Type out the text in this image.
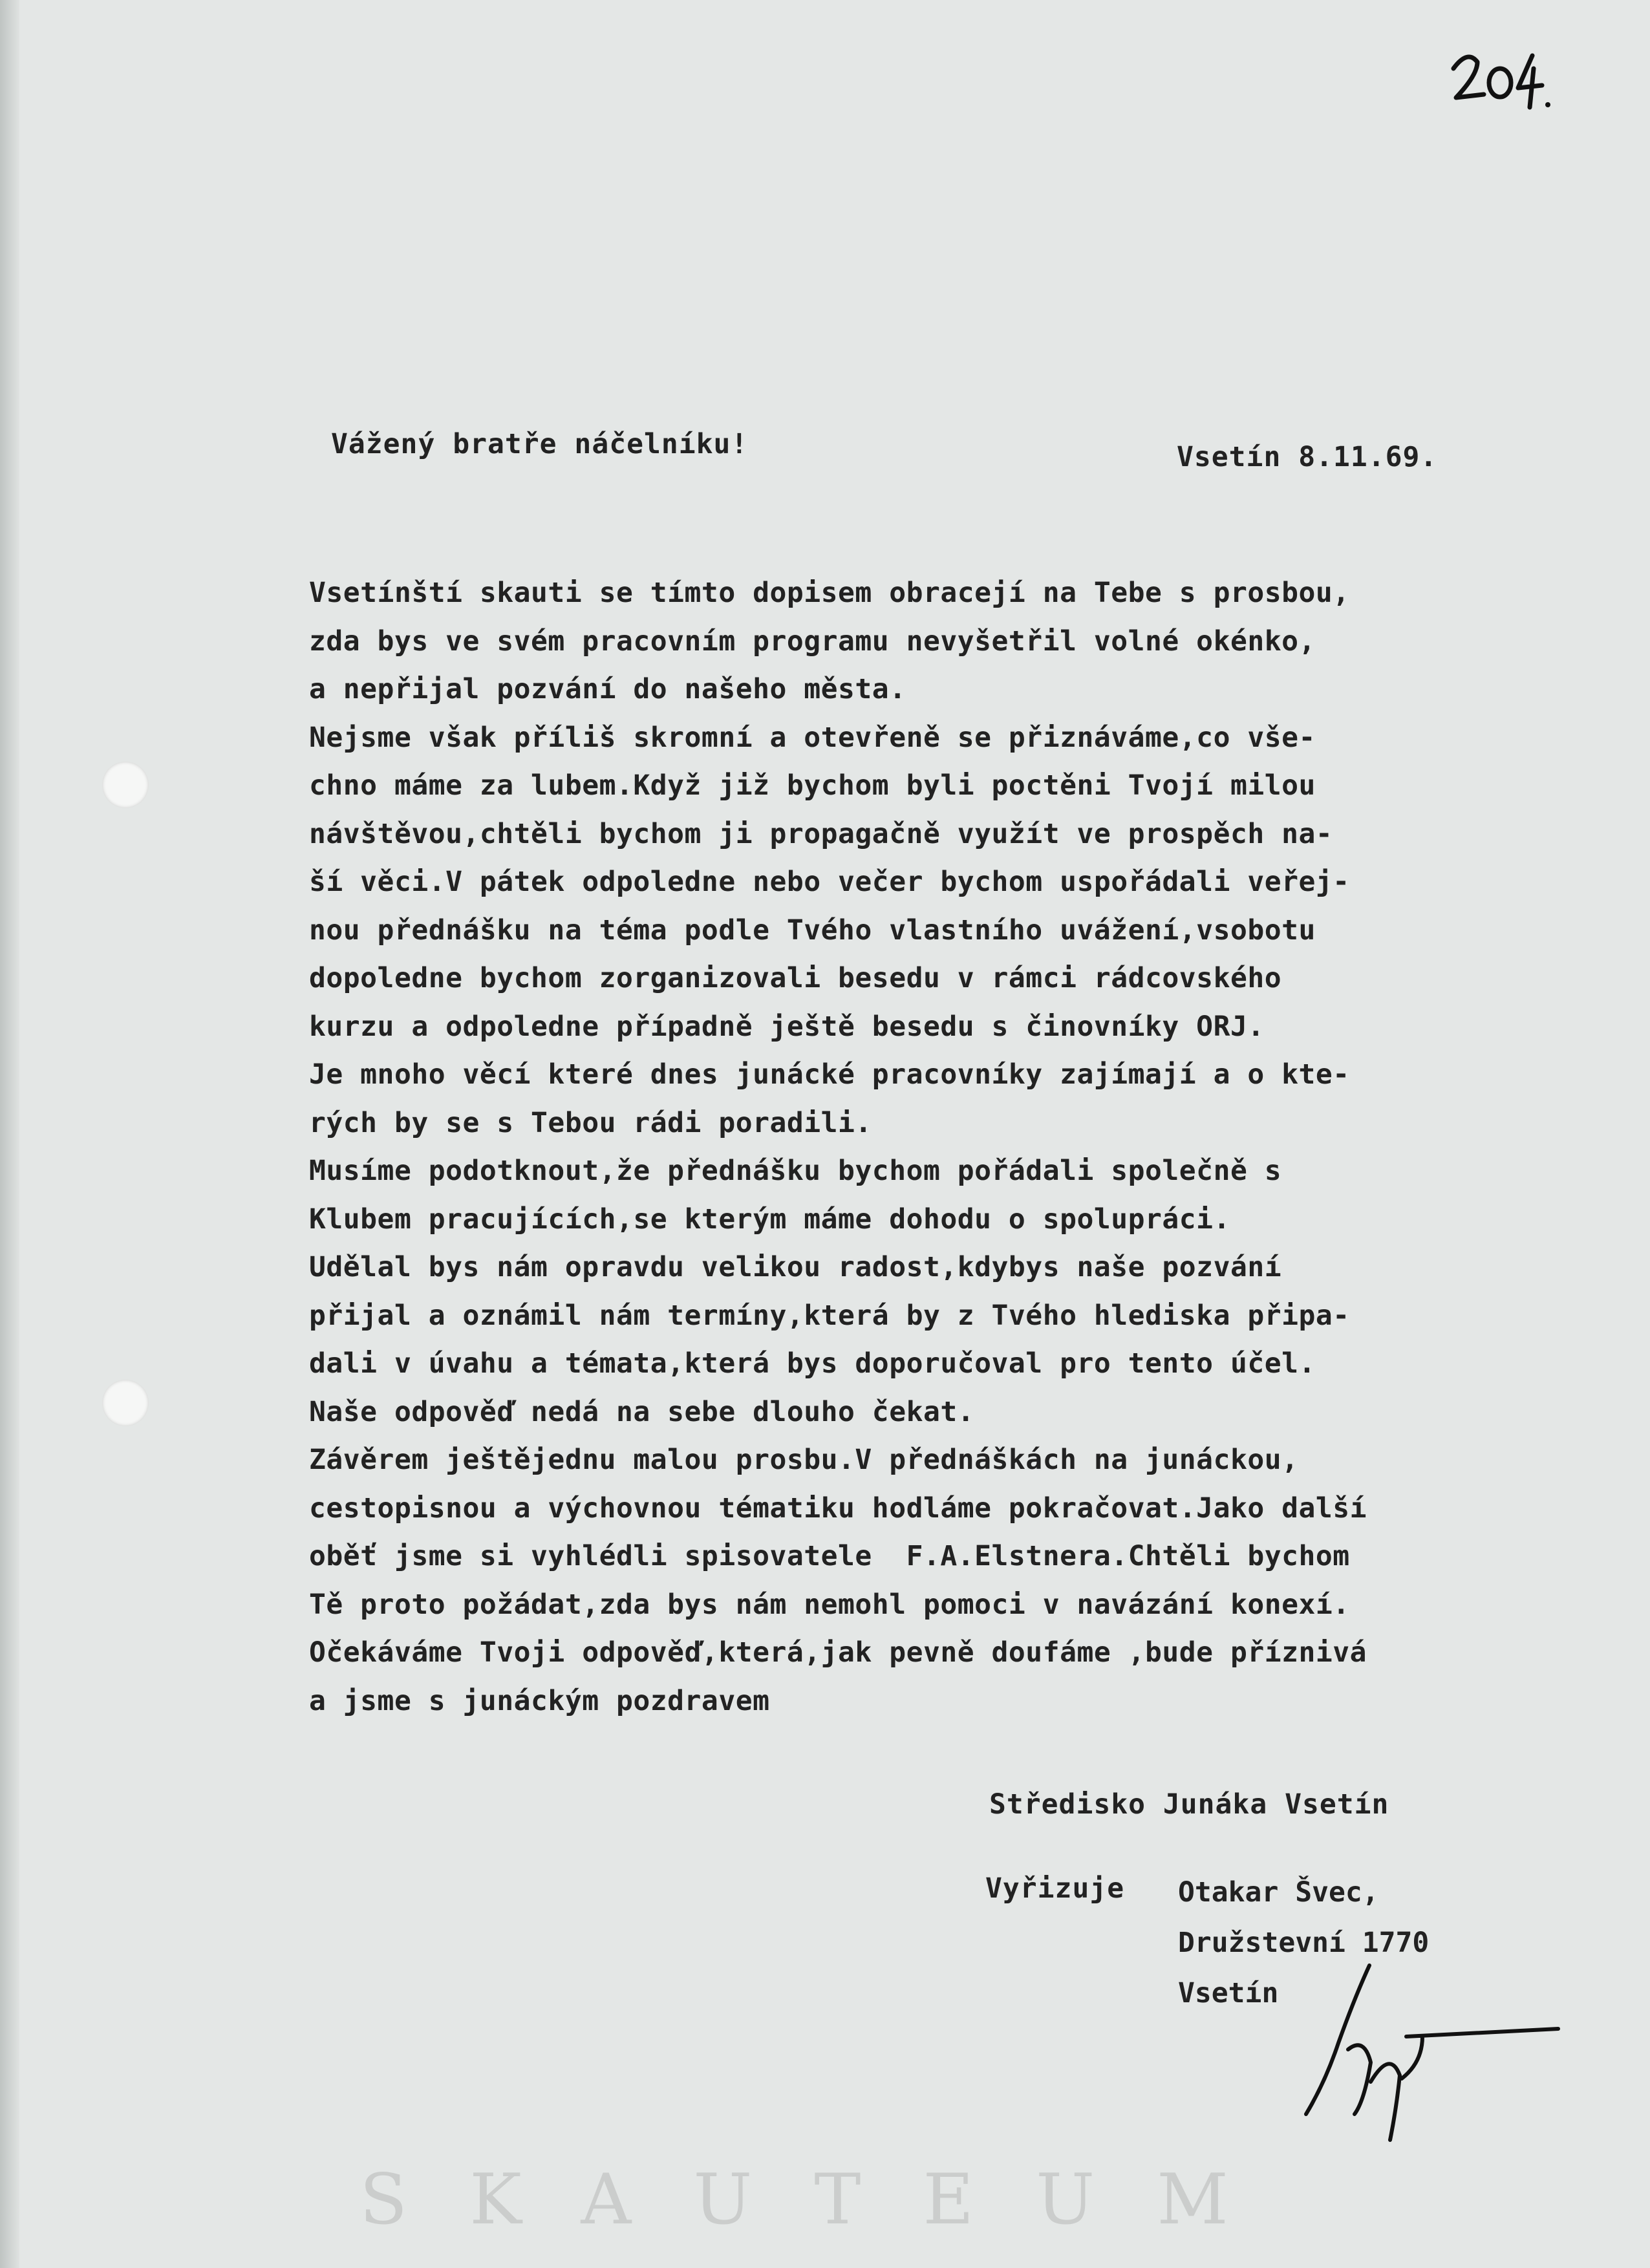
Vážený bratře náčelníku!	Vsetín 8.11.69.
Vsetínští skauti se tímto dopisem obracejí na Tebe s prosbou,
zda bys ve svém pracovním programu nevyšetřil volné okénko,
a nepřijal pozvání do našeho města.
Nejsme však příliš skromní a otevřeně se přiznáváme,co vše-
chno máme za lubem.Když již bychom byli poctěni Tvojí milou
návštěvou,chtěli bychom ji propagačně využít ve prospěch na-
ší věci.V pátek odpoledne nebo večer bychom uspořádali veřej-
nou přednášku na téma podle Tvého vlastního uvážení,vsobotu
dopoledne bychom zorganizovali besedu v rámci rádcovského
kurzu a odpoledne případně ještě besedu s činovníky ORJ.
Je mnoho věcí které dnes junácké pracovníky zajímají a o kte-
rých by se s Tebou rádi poradili.
Musíme podotknout,že přednášku bychom pořádali společně s
Klubem pracujících,se kterým máme dohodu o spolupráci.
Udělal bys nám opravdu velikou radost,kdybys naše pozvání
přijal a oznámil nám termíny,která by z Tvého hlediska připa-
dali v úvahu a témata,která bys doporučoval pro tento účel.
Naše odpověď nedá na sebe dlouho čekat.
Závěrem ještějednu malou prosbu.V přednáškách na junáckou,
cestopisnou a výchovnou tématiku hodláme pokračovat.Jako další
oběť jsme si vyhlédli spisovatele  F.A.Elstnera.Chtěli bychom
Tě proto požádat,zda bys nám nemohl pomoci v navázání konexí.
Očekáváme Tvoji odpověď,která,jak pevně doufáme ,bude příznivá
a jsme s junáckým pozdravem
Středisko Junáka Vsetín
Vyřizuje Otakar Švec,
Družstevní 1770
Vsetín
SKAUTEUM
